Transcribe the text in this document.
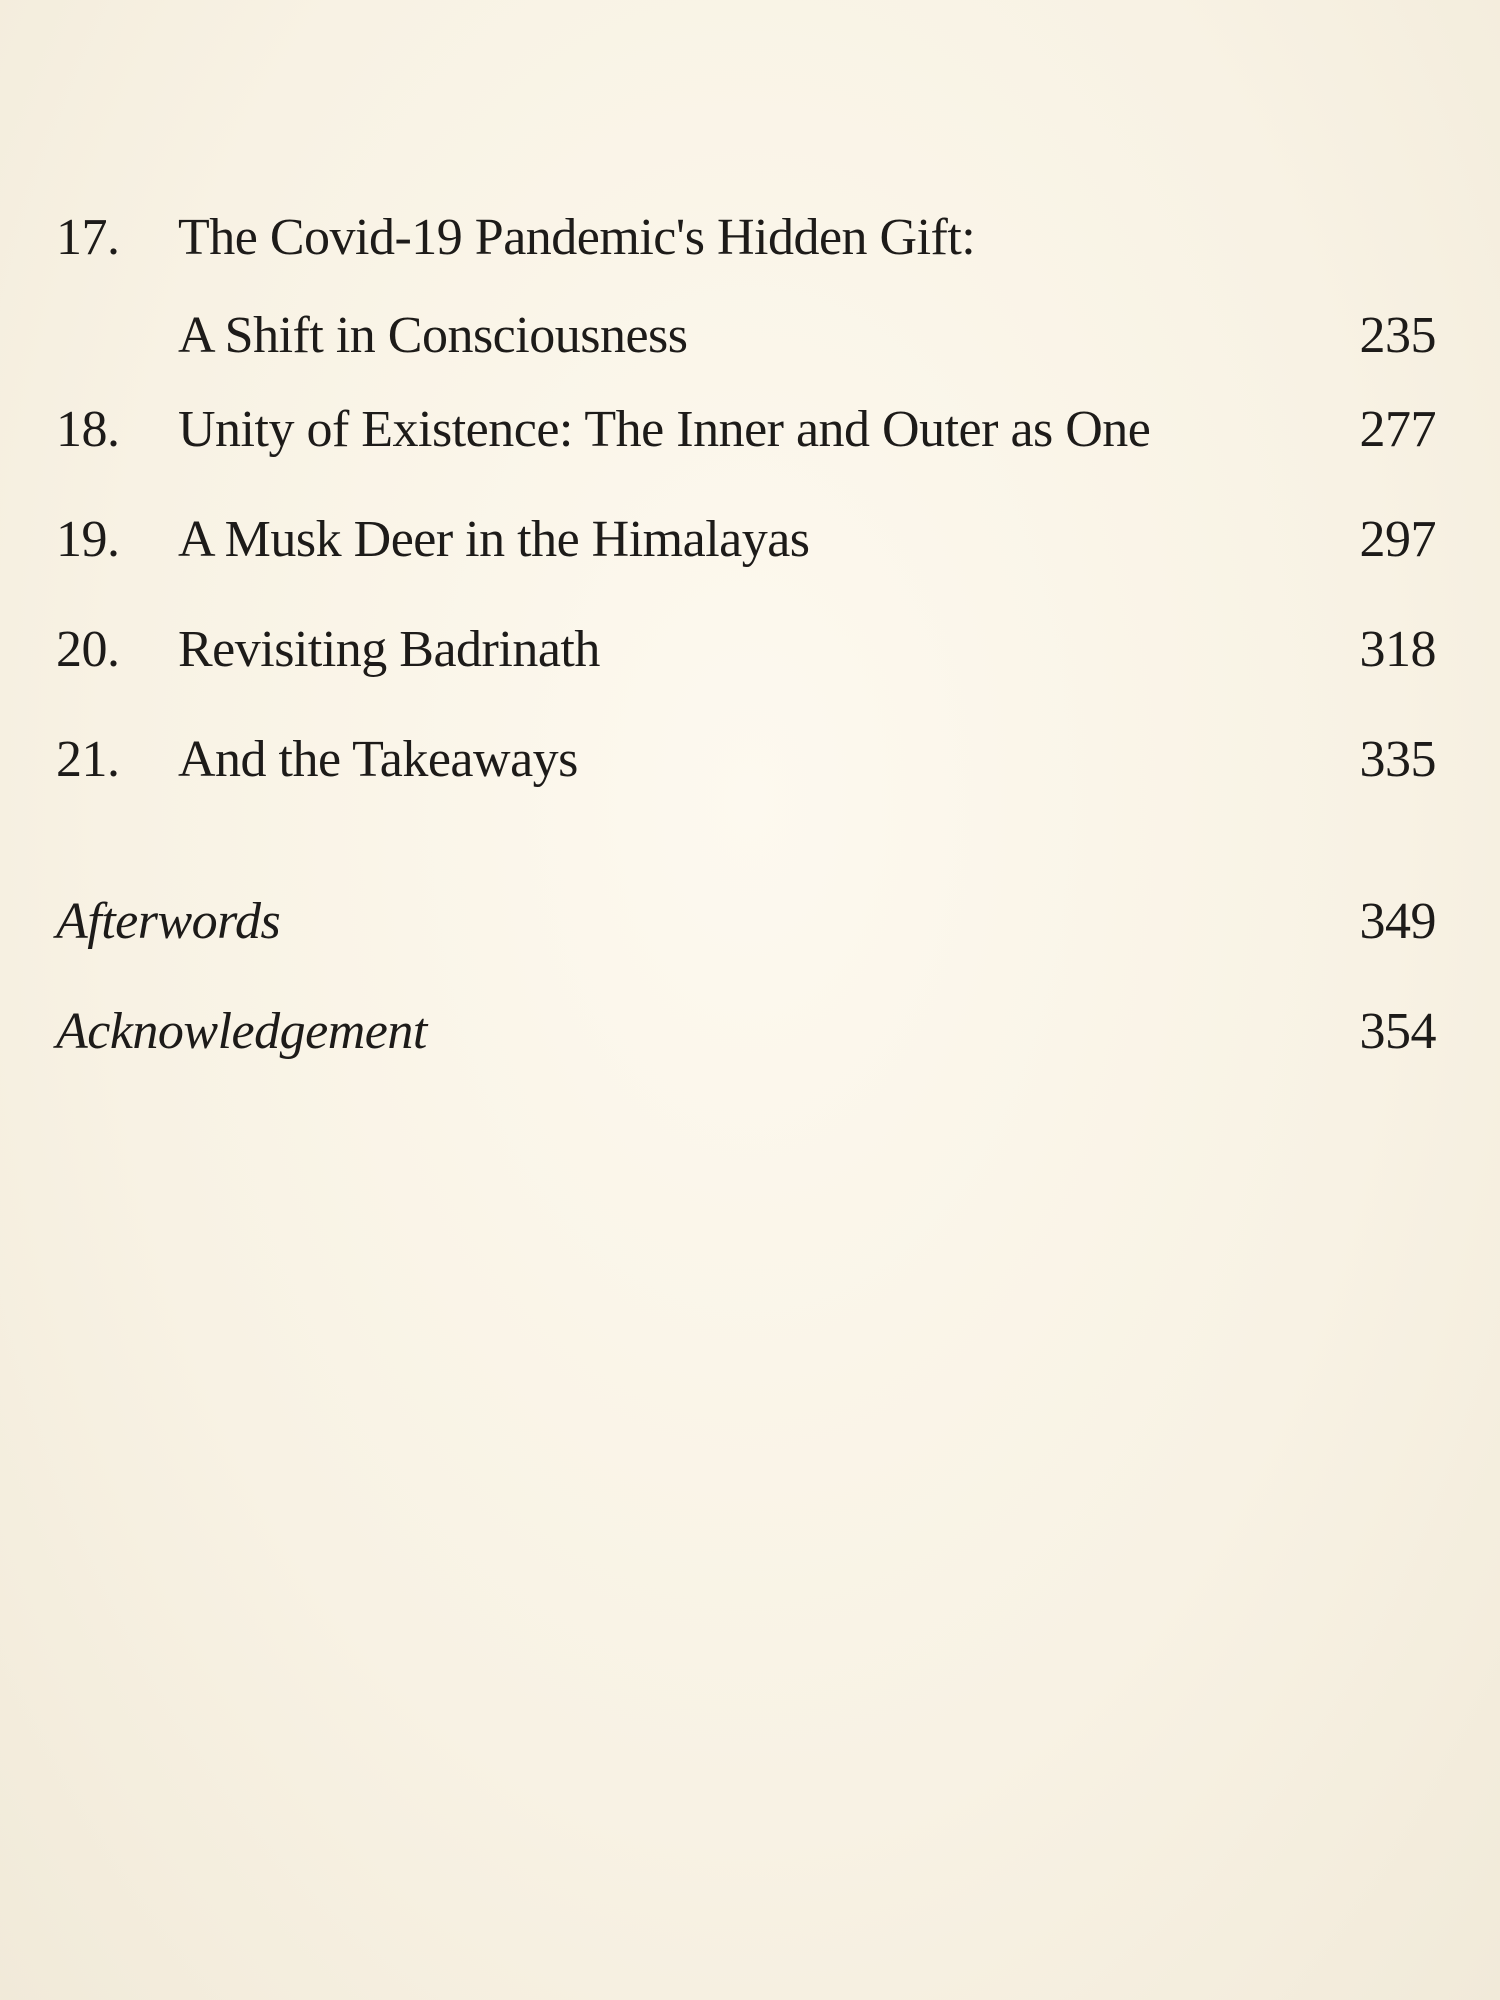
17. The Covid-19 Pandemic's Hidden Gift:
A Shift in Consciousness	235
18. Unity of Existence: The Inner and Outer as One	277
19. A Musk Deer in the Himalayas	297
20. Revisiting Badrinath	318
21. And the Takeaways	335
Afterwords	349
Acknowledgement	354
